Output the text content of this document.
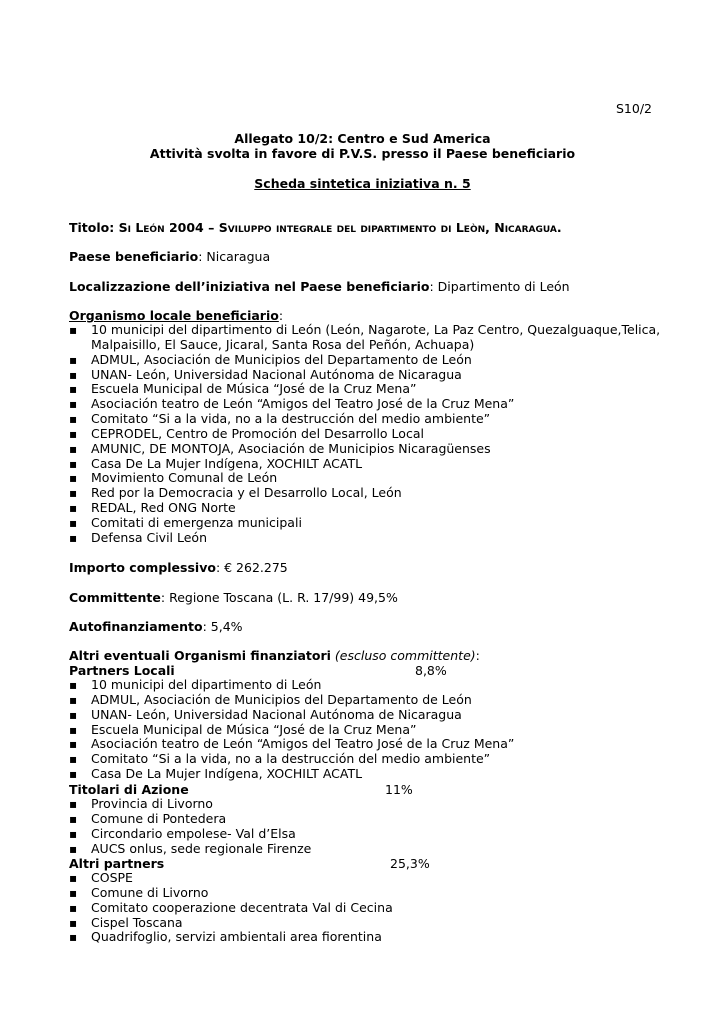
S10/2
Allegato 10/2: Centro e Sud America
Attività svolta in favore di P.V.S. presso il Paese beneficiario
Scheda sintetica iniziativa n. 5
Titolo: Si León 2004 – Sviluppo integrale del dipartimento di Leòn, Nicaragua.
Paese beneficiario: Nicaragua
Localizzazione dell’iniziativa nel Paese beneficiario: Dipartimento di León
Organismo locale beneficiario:
▪ 10 municipi del dipartimento di León (León, Nagarote, La Paz Centro, Quezalguaque,Telica,
Malpaisillo, El Sauce, Jicaral, Santa Rosa del Peñón, Achuapa)
▪ ADMUL, Asociación de Municipios del Departamento de León
▪ UNAN- León, Universidad Nacional Autónoma de Nicaragua
▪ Escuela Municipal de Música “José de la Cruz Mena”
▪ Asociación teatro de León “Amigos del Teatro José de la Cruz Mena”
▪ Comitato “Si a la vida, no a la destrucción del medio ambiente”
▪ CEPRODEL, Centro de Promoción del Desarrollo Local
▪ AMUNIC, DE MONTOJA, Asociación de Municipios Nicaragüenses
▪ Casa De La Mujer Indígena, XOCHILT ACATL
▪ Movimiento Comunal de León
▪ Red por la Democracia y el Desarrollo Local, León
▪ REDAL, Red ONG Norte
▪ Comitati di emergenza municipali
▪ Defensa Civil León
Importo complessivo: € 262.275
Committente: Regione Toscana (L. R. 17/99) 49,5%
Autofinanziamento: 5,4%
Altri eventuali Organismi finanziatori (escluso committente):
Partners Locali	8,8%
▪ 10 municipi del dipartimento di León
▪ ADMUL, Asociación de Municipios del Departamento de León
▪ UNAN- León, Universidad Nacional Autónoma de Nicaragua
▪ Escuela Municipal de Música “José de la Cruz Mena”
▪ Asociación teatro de León “Amigos del Teatro José de la Cruz Mena”
▪ Comitato “Si a la vida, no a la destrucción del medio ambiente”
▪ Casa De La Mujer Indígena, XOCHILT ACATL
Titolari di Azione	11%
▪ Provincia di Livorno
▪ Comune di Pontedera
▪ Circondario empolese- Val d’Elsa
▪ AUCS onlus, sede regionale Firenze
Altri partners	25,3%
▪ COSPE
▪ Comune di Livorno
▪ Comitato cooperazione decentrata Val di Cecina
▪ Cispel Toscana
▪ Quadrifoglio, servizi ambientali area fiorentina
